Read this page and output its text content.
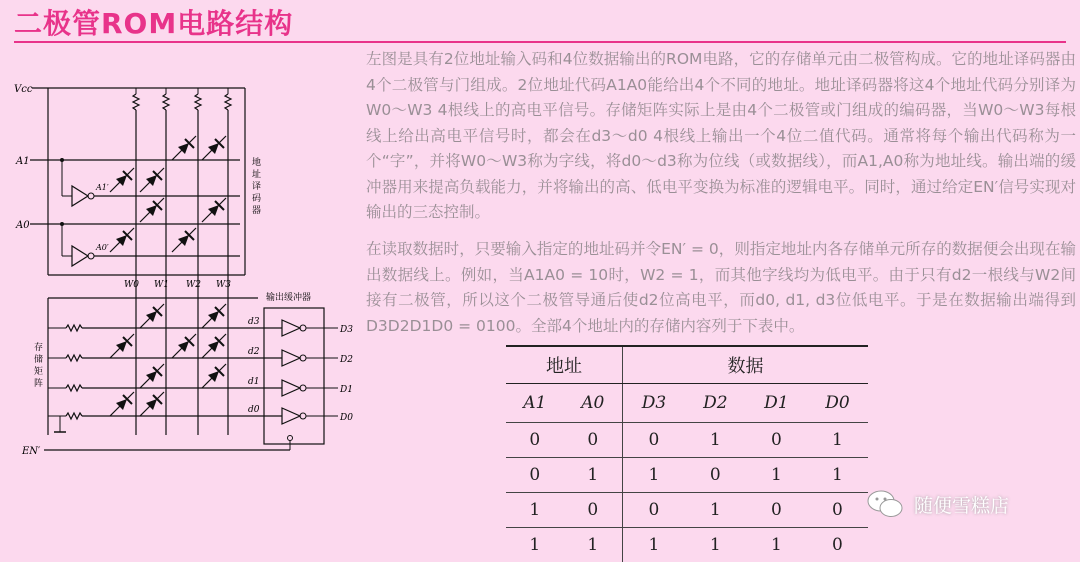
二极管ROM电路结构
Vcc
A1
A1′
A0
A0′
地址译码器
W0 W1 W2 W3
存储矩阵
d3
d2
d1
d0
输出缓冲器
D3
D2
D1
D0
EN′

左图是具有2位地址输入码和4位数据输出的ROM电路，它的存储单元由二极管构成。它的地址译码器由4个二极管与门组成。2位地址代码A1A0能给出4个不同的地址。地址译码器将这4个地址代码分别译为W0～W3 4根线上的高电平信号。存储矩阵实际上是由4个二极管或门组成的编码器，当W0～W3每根线上给出高电平信号时，都会在d3～d0 4根线上输出一个4位二值代码。通常将每个输出代码称为一个“字”，并将W0～W3称为字线，将d0～d3称为位线（或数据线），而A1,A0称为地址线。输出端的缓冲器用来提高负载能力，并将输出的高、低电平变换为标准的逻辑电平。同时，通过给定EN′信号实现对输出的三态控制。

在读取数据时，只要输入指定的地址码并令EN′ = 0，则指定地址内各存储单元所存的数据便会出现在输出数据线上。例如，当A1A0 = 10时，W2 = 1，而其他字线均为低电平。由于只有d2一根线与W2间接有二极管，所以这个二极管导通后使d2位高电平，而d0, d1, d3位低电平。于是在数据输出端得到D3D2D1D0 = 0100。全部4个地址内的存储内容列于下表中。

地址		数据			
A1	A0	D3	D2	D1	D0
0	0	0	1	0	1
0	1	1	0	1	1
1	0	0	1	0	0
1	1	1	1	1	0
随便雪糕店
